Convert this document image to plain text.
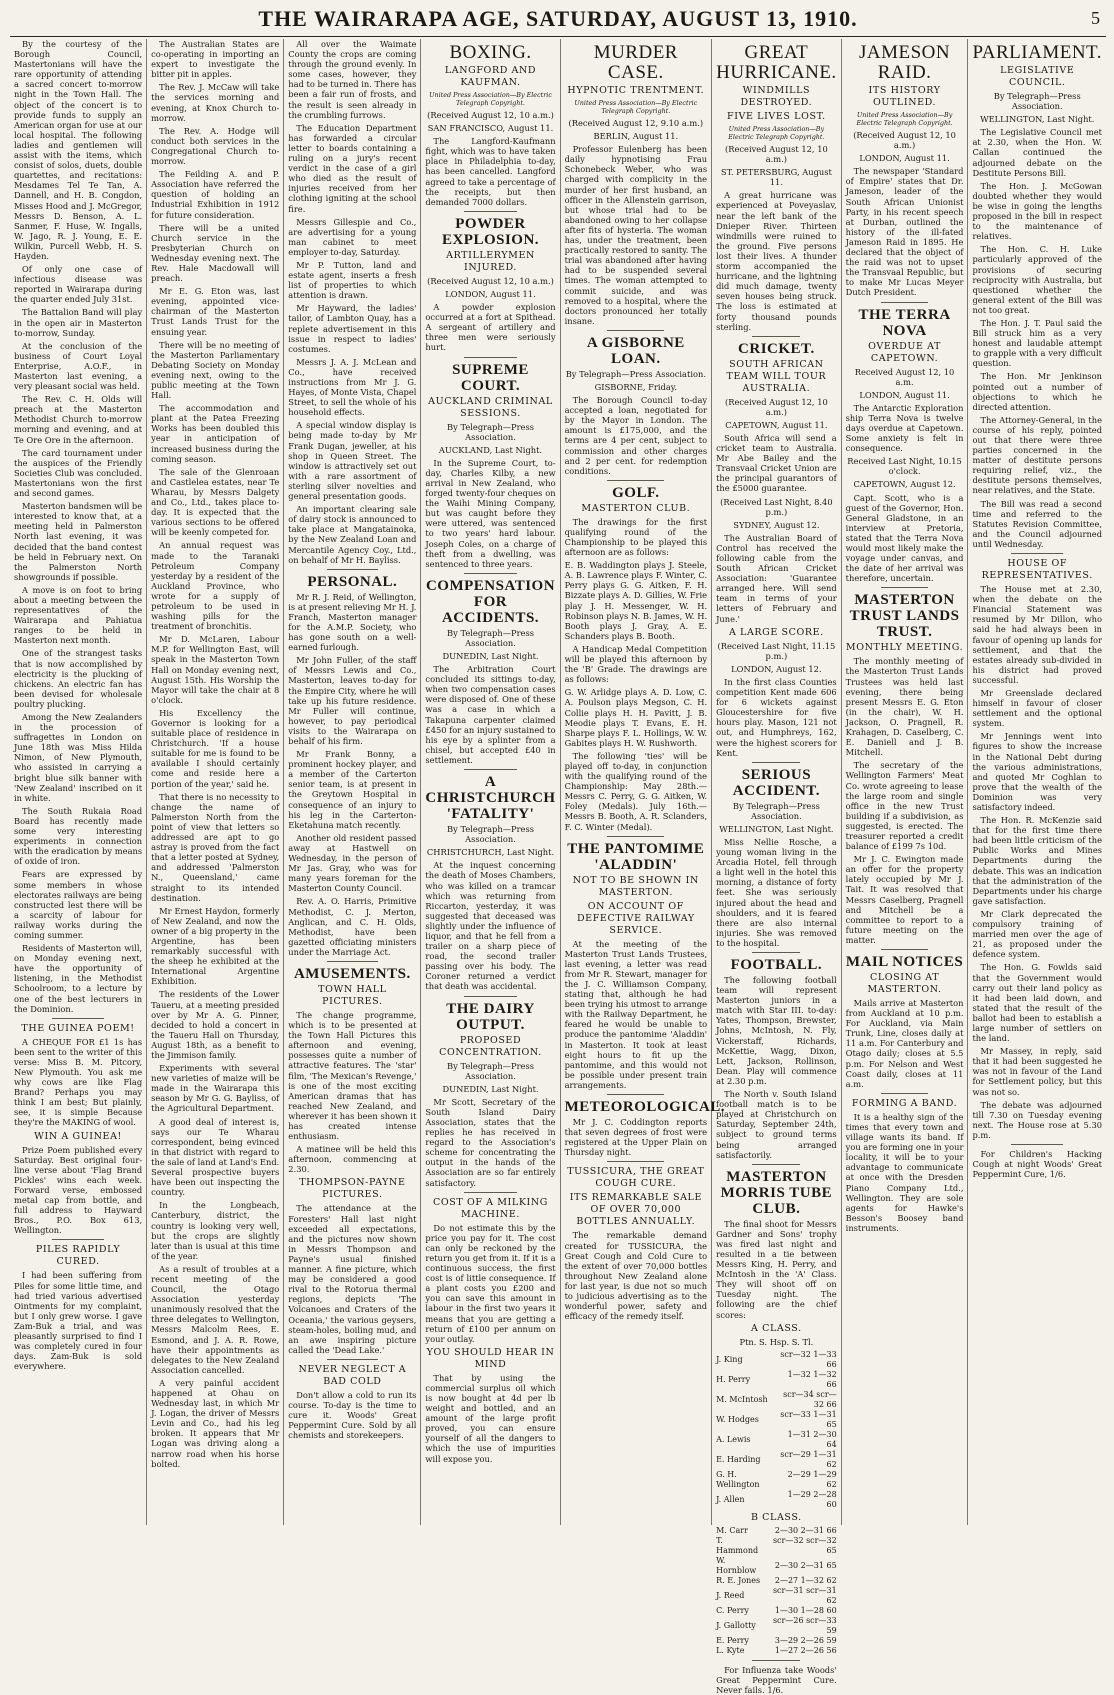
THE WAIRARAPA AGE, SATURDAY, AUGUST 13, 1910.	5

By the courtesy of the Borough Council, Mastertonians will have the rare opportunity of attending a sacred concert to-morrow night in the Town Hall. The object of the concert is to provide funds to supply an American organ for use at our local hospital. The following ladies and gentlemen will assist with the items, which consist of solos, duets, double quartettes, and recitations: Mesdames Tel Te Tan, A. Dannell, and H. B. Congdon, Misses Hood and J. McGregor, Messrs D. Benson, A. L. Sanmer, F. Huse, W. Ingalls, W. Jago, R. J. Young, E. E. Wilkin, Purcell Webb, H. S. Hayden.

Of only one case of infectious disease was reported in Wairarapa during the quarter ended July 31st.

The Battalion Band will play in the open air in Masterton to-morrow, Sunday.

At the conclusion of the business of Court Loyal Enterprise, A.O.F., in Masterton last evening, a very pleasant social was held.

The Rev. C. H. Olds will preach at the Masterton Methodist Church to-morrow morning and evening, and at Te Ore Ore in the afternoon.

The card tournament under the auspices of the Friendly Societies Club was concluded. Mastertonians won the first and second games.

Masterton bandsmen will be interested to know that, at a meeting held in Palmerston North last evening, it was decided that the band contest be held in February next. On the Palmerston North showgrounds if possible.

A move is on foot to bring about a meeting between the representatives of the Wairarapa and Pahiatua ranges to be held in Masterton next month.

One of the strangest tasks that is now accomplished by electricity is the plucking of chickens. An electric fan has been devised for wholesale poultry plucking.

Among the New Zealanders in the procession of suffragettes in London on June 18th was Miss Hilda Nimon, of New Plymouth, who assisted in carrying a bright blue silk banner with 'New Zealand' inscribed on it in white.

The South Rukaia Road Board has recently made some very interesting experiments in connection with the eradication by means of oxide of iron.

Fears are expressed by some members in whose electorates railways are being constructed lest there will be a scarcity of labour for railway works during the coming summer.

Residents of Masterton will, on Monday evening next, have the opportunity of listening, in the Methodist Schoolroom, to a lecture by one of the best lecturers in the Dominion.

THE GUINEA POEM!

A CHEQUE FOR £1 1s has been sent to the writer of this verse: Miss B. M. Pitcory, New Plymouth. You ask me why cows are like Flag Brand? Perhaps you may think I am best; But plainly, see, it is simple Because they're the MAKING of wool.

WIN A GUINEA!

Prize Poem published every Saturday. Best original four-line verse about 'Flag Brand Pickles' wins each week. Forward verse, embossed metal cap from bottle, and full address to Hayward Bros., P.O. Box 613, Wellington.

PILES RAPIDLY CURED.

I had been suffering from Piles for some little time, and had tried various advertised Ointments for my complaint, but I only grew worse. I gave Zam-Buk a trial, and was pleasantly surprised to find I was completely cured in four days. Zam-Buk is sold everywhere.

The Australian States are co-operating in importing an expert to investigate the bitter pit in apples.

The Rev. J. McCaw will take the services morning and evening, at Knox Church to-morrow.

The Rev. A. Hodge will conduct both services in the Congregational Church to-morrow.

The Feilding A. and P. Association have referred the question of holding an Industrial Exhibition in 1912 for future consideration.

There will be a united Church service in the Presbyterian Church on Wednesday evening next. The Rev. Hale Macdowall will preach.

Mr E. G. Eton was, last evening, appointed vice-chairman of the Masterton Trust Lands Trust for the ensuing year.

There will be no meeting of the Masterton Parliamentary Debating Society on Monday evening next, owing to the public meeting at the Town Hall.

The accommodation and plant at the Patea Freezing Works has been doubled this year in anticipation of increased business during the coming season.

The sale of the Glenroaan and Castlelea estates, near Te Wharau, by Messrs Dalgety and Co., Ltd., takes place to-day. It is expected that the various sections to be offered will be keenly competed for.

An annual request was made to the Taranaki Petroleum Company yesterday by a resident of the Auckland Province, who wrote for a supply of petroleum to be used in washing pills for the treatment of bronchitis.

Mr D. McLaren, Labour M.P. for Wellington East, will speak in the Masterton Town Hall on Monday evening next, August 15th. His Worship the Mayor will take the chair at 8 o'clock.

His Excellency the Governor is looking for a suitable place of residence in Christchurch. 'If a house suitable for me is found to be available I should certainly come and reside here a portion of the year,' said he.

That there is no necessity to change the name of Palmerston North from the point of view that letters so addressed are apt to go astray is proved from the fact that a letter posted at Sydney, and addressed 'Palmerston N., Queensland,' came straight to its intended destination.

Mr Ernest Haydon, formerly of New Zealand, and now the owner of a big property in the Argentine, has been remarkably successful with the sheep he exhibited at the International Argentine Exhibition.

The residents of the Lower Taueru, at a meeting presided over by Mr A. G. Pinner, decided to hold a concert in the Taueru Hall on Thursday, August 18th, as a benefit to the Jimmison family.

Experiments with several new varieties of maize will be made in the Wairarapa this season by Mr G. G. Bayliss, of the Agricultural Department.

A good deal of interest is, says our Te Wharau correspondent, being evinced in that district with regard to the sale of land at Land's End. Several prospective buyers have been out inspecting the country.

In the Longbeach, Canterbury, district, the country is looking very well, but the crops are slightly later than is usual at this time of the year.

As a result of troubles at a recent meeting of the Council, the Otago Association yesterday unanimously resolved that the three delegates to Wellington, Messrs Malcolm Rees, E. Esmond, and J. A. R. Rowe, have their appointments as delegates to the New Zealand Association cancelled.

A very painful accident happened at Ohau on Wednesday last, in which Mr J. Logan, the driver of Messrs Levin and Co., had his leg broken. It appears that Mr Logan was driving along a narrow road when his horse bolted.

All over the Waimate County the crops are coming through the ground evenly. In some cases, however, they had to be turned in. There has been a fair run of frosts, and the result is seen already in the crumbling furrows.

The Education Department has forwarded a circular letter to boards containing a ruling on a jury's recent verdict in the case of a girl who died as the result of injuries received from her clothing igniting at the school fire.

Messrs Gillespie and Co., are advertising for a young man cabinet to meet employer to-day, Saturday.

Mr P. Tutton, land and estate agent, inserts a fresh list of properties to which attention is drawn.

Mr Hayward, the ladies' tailor, of Lambton Quay, has a replete advertisement in this issue in respect to ladies' costumes.

Messrs J. A. J. McLean and Co., have received instructions from Mr J. G. Hayes, of Monte Vista, Chapel Street, to sell the whole of his household effects.

A special window display is being made to-day by Mr Frank Dugan, jeweller, at his shop in Queen Street. The window is attractively set out with a rare assortment of sterling silver novelties and general presentation goods.

An important clearing sale of dairy stock is announced to take place at Mangatainoka, by the New Zealand Loan and Mercantile Agency Coy., Ltd., on behalf of Mr H. Bayliss.

PERSONAL.

Mr R. J. Reid, of Wellington, is at present relieving Mr H. J. Franch, Masterton manager for the A.M.P. Society, who has gone south on a well-earned furlough.

Mr John Fuller, of the staff of Messrs Lewis and Co., Masterton, leaves to-day for the Empire City, where he will take up his future residence. Mr Fuller will continue, however, to pay periodical visits to the Wairarapa on behalf of his firm.

Mr Frank Bonny, a prominent hockey player, and a member of the Carterton senior team, is at present in the Greytown Hospital in consequence of an injury to his leg in the Carterton-Eketahuna match recently.

Another old resident passed away at Hastwell on Wednesday, in the person of Mr Jas. Gray, who was for many years foreman for the Masterton County Council.

Rev. A. O. Harris, Primitive Methodist, C. J. Merton, Anglican, and C. H. Olds, Methodist, have been gazetted officiating ministers under the Marriage Act.

AMUSEMENTS.
TOWN HALL PICTURES.

The change programme, which is to be presented at the Town Hall Pictures this afternoon and evening, possesses quite a number of attractive features. The 'star' film, 'The Mexican's Revenge,' is one of the most exciting American dramas that has reached New Zealand, and wherever it has been shown it has created intense enthusiasm.

A matinee will be held this afternoon, commencing at 2.30.

THOMPSON-PAYNE PICTURES.

The attendance at the Foresters' Hall last night exceeded all expectations, and the pictures now shown in Messrs Thompson and Payne's usual finished manner. A fine picture, which may be considered a good rival to the Rotorua thermal regions, depicts 'The Volcanoes and Craters of the Oceania,' the various geysers, steam-holes, boiling mud, and an awe inspiring picture called the 'Dead Lake.'

NEVER NEGLECT A BAD COLD

Don't allow a cold to run its course. To-day is the time to cure it. Woods' Great Peppermint Cure. Sold by all chemists and storekeepers.

BOXING.
LANGFORD AND KAUFMAN.
United Press Association—By Electric Telegraph Copyright.

(Received August 12, 10 a.m.)

SAN FRANCISCO, August 11.

The Langford-Kaufmann fight, which was to have taken place in Philadelphia to-day, has been cancelled. Langford agreed to take a percentage of the receipts, but then demanded 7000 dollars.

POWDER EXPLOSION.
ARTILLERYMEN INJURED.

(Received August 12, 10 a.m.)

LONDON, August 11.

A powder explosion occurred at a fort at Spithead. A sergeant of artillery and three men were seriously hurt.

SUPREME COURT.
AUCKLAND CRIMINAL SESSIONS.

By Telegraph—Press Association.

AUCKLAND, Last Night.

In the Supreme Court, to-day, Charles Kilby, a new arrival in New Zealand, who forged twenty-four cheques on the Waihi Mining Company, but was caught before they were uttered, was sentenced to two years' hard labour. Joseph Coles, on a charge of theft from a dwelling, was sentenced to three years.

COMPENSATION FOR ACCIDENTS.

By Telegraph—Press Association.

DUNEDIN, Last Night.

The Arbitration Court concluded its sittings to-day, when two compensation cases were disposed of. One of these was a case in which a Takapuna carpenter claimed £450 for an injury sustained to his eye by a splinter from a chisel, but accepted £40 in settlement.

A CHRISTCHURCH 'FATALITY'

By Telegraph—Press Association.

CHRISTCHURCH, Last Night.

At the inquest concerning the death of Moses Chambers, who was killed on a tramcar which was returning from Riccarton, yesterday, it was suggested that deceased was slightly under the influence of liquor, and that he fell from a trailer on a sharp piece of road, the second trailer passing over his body. The Coroner returned a verdict that death was accidental.

THE DAIRY OUTPUT.
PROPOSED CONCENTRATION.

By Telegraph—Press Association.

DUNEDIN, Last Night.

Mr Scott, Secretary of the South Island Dairy Association, states that the replies he has received in regard to the Association's scheme for concentrating the output in the hands of the Association are so far entirely satisfactory.

COST OF A MILKING MACHINE.

Do not estimate this by the price you pay for it. The cost can only be reckoned by the return you get from it. If it is a continuous success, the first cost is of little consequence. If a plant costs you £200 and you can save this amount in labour in the first two years it means that you are getting a return of £100 per annum on your outlay.

YOU SHOULD HEAR IN MIND

That by using the commercial surplus oil which is now bought at 4d per lb weight and bottled, and an amount of the large profit proved, you can ensure yourself of all the dangers to which the use of impurities will expose you.

MURDER CASE.
HYPNOTIC TRENTMENT.
United Press Association—By Electric Telegraph Copyright.

(Received August 12, 9.10 a.m.)

BERLIN, August 11.

Professor Eulenberg has been daily hypnotising Frau Schonebeck Weber, who was charged with complicity in the murder of her first husband, an officer in the Allenstein garrison, but whose trial had to be abandoned owing to her collapse after fits of hysteria. The woman has, under the treatment, been practically restored to sanity. The trial was abandoned after having had to be suspended several times. The woman attempted to commit suicide, and was removed to a hospital, where the doctors pronounced her totally insane.

A GISBORNE LOAN.

By Telegraph—Press Association.

GISBORNE, Friday.

The Borough Council to-day accepted a loan, negotiated for by the Mayor in London. The amount is £175,000, and the terms are 4 per cent, subject to commission and other charges and 2 per cent. for redemption conditions.

GOLF.
MASTERTON CLUB.

The drawings for the first qualifying round of the Championship to be played this afternoon are as follows:

E. B. Waddington plays J. Steele, A. B. Lawrence plays F. Winter, C. Perry plays G. G. Aitken, F. H. Bizzate plays A. D. Gillies, W. Frie play J. H. Messenger, W. H. Robinson plays N. B. James, W. H. Booth plays J. Gray, A. E. Schanders plays B. Booth.

A Handicap Medal Competition will be played this afternoon by the 'B' Grade. The drawings are as follows:

G. W. Arlidge plays A. D. Low, C. A. Poulson plays Megson, C. H. Collie plays H. H. Pavitt, J. B. Meodie plays T. Evans, E. H. Sharpe plays F. L. Hollings, W. W. Gabites plays H. W. Rushworth.

The following 'ties' will be played off to-day, in conjunction with the qualifying round of the Championship: May 28th.—Messrs C. Perry, G. G. Aitken, W. Foley (Medals). July 16th.—Messrs B. Booth, A. R. Sclanders, F. C. Winter (Medal).

THE PANTOMIME 'ALADDIN'
NOT TO BE SHOWN IN MASTERTON.
ON ACCOUNT OF DEFECTIVE RAILWAY SERVICE.

At the meeting of the Masterton Trust Lands Trustees, last evening, a letter was read from Mr R. Stewart, manager for the J. C. Williamson Company, stating that, although he had been trying his utmost to arrange with the Railway Department, he feared he would be unable to produce the pantomime 'Aladdin' in Masterton. It took at least eight hours to fit up the pantomime, and this would not be possible under present train arrangements.

METEOROLOGICAL.

Mr J. C. Coddington reports that seven degrees of frost were registered at the Upper Plain on Thursday night.

TUSSICURA, THE GREAT COUGH CURE.
ITS REMARKABLE SALE OF OVER 70,000 BOTTLES ANNUALLY.

The remarkable demand created for TUSSICURA, the Great Cough and Cold Cure to the extent of over 70,000 bottles throughout New Zealand alone for last year, is due not so much to judicious advertising as to the wonderful power, safety and efficacy of the remedy itself.

GREAT HURRICANE.
WINDMILLS DESTROYED.
FIVE LIVES LOST.
United Press Association—By Electric Telegraph Copyright.

(Received August 12, 10 a.m.)

ST. PETERSBURG, August 11.

A great hurricane was experienced at Poveyaslav, near the left bank of the Dnieper River. Thirteen windmills were ruined to the ground. Five persons lost their lives. A thunder storm accompanied the hurricane, and the lightning did much damage, twenty seven houses being struck. The loss is estimated at forty thousand pounds sterling.

CRICKET.
SOUTH AFRICAN TEAM WILL TOUR AUSTRALIA.

(Received August 12, 10 a.m.)

CAPETOWN, August 11.

South Africa will send a cricket team to Australia. Mr Abe Bailey and the Transvaal Cricket Union are the principal guarantors of the £5000 guarantee.

(Received Last Night, 8.40 p.m.)

SYDNEY, August 12.

The Australian Board of Control has received the following cable from the South African Cricket Association: 'Guarantee arranged here. Will send team in terms of your letters of February and June.'

A LARGE SCORE.

(Received Last Night, 11.15 p.m.)

LONDON, August 12.

In the first class Counties competition Kent made 606 for 6 wickets against Gloucestershire for five hours play. Mason, 121 not out, and Humphreys, 162, were the highest scorers for Kent.

SERIOUS ACCIDENT.

By Telegraph—Press Association.

WELLINGTON, Last Night.

Miss Nellie Rosche, a young woman living in the Arcadia Hotel, fell through a light well in the hotel this morning, a distance of forty feet. She was seriously injured about the head and shoulders, and it is feared there are also internal injuries. She was removed to the hospital.

FOOTBALL.

The following football team will represent Masterton juniors in a match with Star III. to-day: Yates, Thompson, Brewster, Johns, McIntosh, N. Fly, Vickerstaff, Richards, McKettie, Wagg, Dixon, Lett, Jackson, Rollinson, Dean. Play will commence at 2.30 p.m.

The North v. South Island football match is to be played at Christchurch on Saturday, September 24th, subject to ground terms being arranged satisfactorily.

MASTERTON MORRIS TUBE CLUB.

The final shoot for Messrs Gardner and Sons' trophy was fired last night and resulted in a tie between Messrs King, H. Perry, and McIntosh in the 'A' Class. They will shoot off on Tuesday night. The following are the chief scores:

A CLASS.

Ptn. S. Hsp. S. Tl.

J. King	scr—32 1—33 66
H. Perry	1—32 1—32 66
M. McIntosh	scr—34 scr—32 66
W. Hodges	scr—33 1—31 65
A. Lewis	1—31 2—30 64
E. Harding	scr—29 1—31 62
G. H. Wellington	2—29 1—29 62
J. Allen	1—29 2—28 60
B CLASS.
M. Carr	2—30 2—31 66
T. Hammond	scr—32 scr—32 65
W. Hornblow	2—30 2—31 65
R. E. Jones	2—27 1—32 62
J. Reed	scr—31 scr—31 62
C. Perry	1—30 1—28 60
J. Gallotty	scr—26 scr—33 59
E. Perry	3—29 2—26 59
L. Kyte	1—27 2—26 56

For Influenza take Woods' Great Peppermint Cure. Never fails. 1/6.

JAMESON RAID.
ITS HISTORY OUTLINED.
United Press Association—By Electric Telegraph Copyright.

(Received August 12, 10 a.m.)

LONDON, August 11.

The newspaper 'Standard of Empire' states that Dr. Jameson, leader of the South African Unionist Party, in his recent speech at Durban, outlined the history of the ill-fated Jameson Raid in 1895. He declared that the object of the raid was not to upset the Transvaal Republic, but to make Mr Lucas Meyer Dutch President.

THE TERRA NOVA
OVERDUE AT CAPETOWN.

Received August 12, 10 a.m.

LONDON, August 11.

The Antarctic Exploration ship Terra Nova is twelve days overdue at Capetown. Some anxiety is felt in consequence.

Received Last Night, 10.15 o'clock.

CAPETOWN, August 12.

Capt. Scott, who is a guest of the Governor, Hon. General Gladstone, in an interview at Pretoria, stated that the Terra Nova would most likely make the voyage under canvas, and the date of her arrival was therefore, uncertain.

MASTERTON TRUST LANDS TRUST.
MONTHLY MEETING.

The monthly meeting of the Masterton Trust Lands Trustees was held last evening, there being present Messrs E. G. Eton (in the chair), W. H. Jackson, O. Pragnell, R. Krahagen, D. Caselberg, C. E. Daniell and J. B. Mitchell.

The secretary of the Wellington Farmers' Meat Co. wrote agreeing to lease the large room and single office in the new Trust building if a subdivision, as suggested, is erected. The treasurer reported a credit balance of £199 7s 10d.

Mr J. C. Ewington made an offer for the property lately occupied by Mr J. Tait. It was resolved that Messrs Caselberg, Pragnell and Mitchell be a committee to report to a future meeting on the matter.

MAIL NOTICES
CLOSING AT MASTERTON.

Mails arrive at Masterton from Auckland at 10 p.m. For Auckland, via Main Trunk, Line, closes daily at 11 a.m. For Canterbury and Otago daily; closes at 5.5 p.m. For Nelson and West Coast daily, closes at 11 a.m.

FORMING A BAND.

It is a healthy sign of the times that every town and village wants its band. If you are forming one in your locality, it will be to your advantage to communicate at once with the Dresden Piano Company Ltd., Wellington. They are sole agents for Hawke's Besson's Boosey band instruments.

PARLIAMENT.
LEGISLATIVE COUNCIL.

By Telegraph—Press Association.

WELLINGTON, Last Night.

The Legislative Council met at 2.30, when the Hon. W. Callan continued the adjourned debate on the Destitute Persons Bill.

The Hon. J. McGowan doubted whether they would be wise in going the lengths proposed in the bill in respect to the maintenance of relatives.

The Hon. C. H. Luke particularly approved of the provisions of securing reciprocity with Australia, but questioned whether the general extent of the Bill was not too great.

The Hon. J. T. Paul said the Bill struck him as a very honest and laudable attempt to grapple with a very difficult question.

The Hon. Mr Jenkinson pointed out a number of objections to which he directed attention.

The Attorney-General, in the course of his reply, pointed out that there were three parties concerned in the matter of destitute persons requiring relief, viz., the destitute persons themselves, near relatives, and the State.

The Bill was read a second time and referred to the Statutes Revision Committee, and the Council adjourned until Wednesday.

HOUSE OF REPRESENTATIVES.

The House met at 2.30, when the debate on the Financial Statement was resumed by Mr Dillon, who said he had always been in favour of opening up lands for settlement, and that the estates already sub-divided in his district had proved successful.

Mr Greenslade declared himself in favour of closer settlement and the optional system.

Mr Jennings went into figures to show the increase in the National Debt during the various administrations, and quoted Mr Coghlan to prove that the wealth of the Dominion was very satisfactory indeed.

The Hon. R. McKenzie said that for the first time there had been little criticism of the Public Works and Mines Departments during the debate. This was an indication that the administration of the Departments under his charge gave satisfaction.

Mr Clark deprecated the compulsory training of married men over the age of 21, as proposed under the defence system.

The Hon. G. Fowlds said that the Government would carry out their land policy as it had been laid down, and stated that the result of the ballot had been to establish a large number of settlers on the land.

Mr Massey, in reply, said that it had been suggested he was not in favour of the Land for Settlement policy, but this was not so.

The debate was adjourned till 7.30 on Tuesday evening next. The House rose at 5.30 p.m.

For Children's Hacking Cough at night Woods' Great Peppermint Cure, 1/6.
